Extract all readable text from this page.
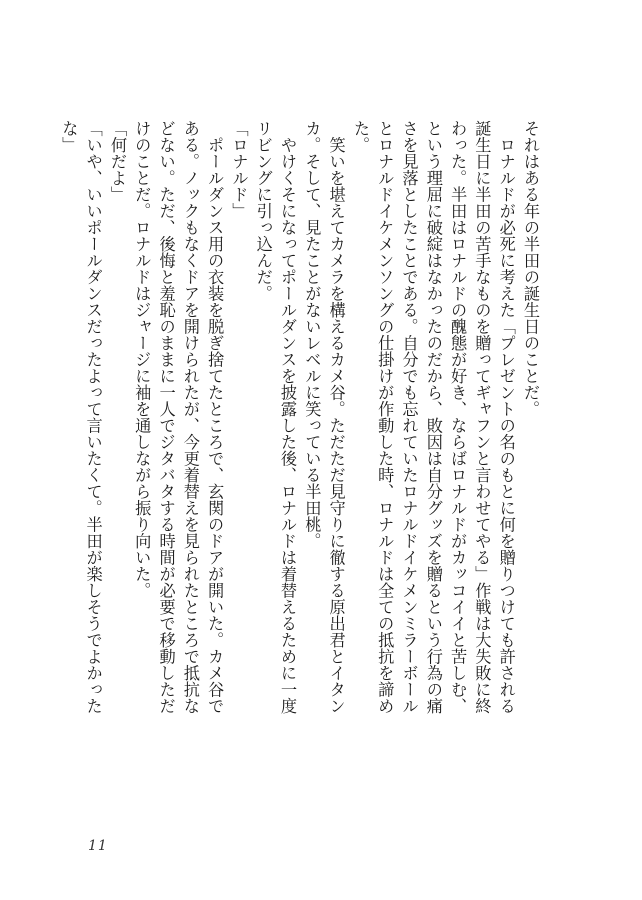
それはある年の半田の誕生日のことだ。

　ロナルドが必死に考えた「プレゼントの名のもとに何を贈りつけても許される誕生日に半田の苦手なものを贈ってギャフンと言わせてやる」作戦は大失敗に終わった。半田はロナルドの醜態が好き、ならばロナルドがカッコイイと苦しむ、という理屈に破綻はなかったのだから、敗因は自分グッズを贈るという行為の痛さを見落としたことである。自分でも忘れていたロナルドイケメンミラーボールとロナルドイケメンソングの仕掛けが作動した時、ロナルドは全ての抵抗を諦めた。

　笑いを堪えてカメラを構えるカメ谷。ただただ見守りに徹する原出君とイタンカ。そして、見たことがないレベルに笑っている半田桃。

　やけくそになってポールダンスを披露した後、ロナルドは着替えるために一度リビングに引っ込んだ。

「ロナルド」

　ポールダンス用の衣装を脱ぎ捨てたところで、玄関のドアが開いた。カメ谷である。ノックもなくドアを開けられたが、今更着替えを見られたところで抵抗などない。ただ、後悔と羞恥のままに一人でジタバタする時間が必要で移動しただけのことだ。ロナルドはジャージに袖を通しながら振り向いた。

「何だよ」

「いや、いいポールダンスだったよって言いたくて。半田が楽しそうでよかったな」

11
